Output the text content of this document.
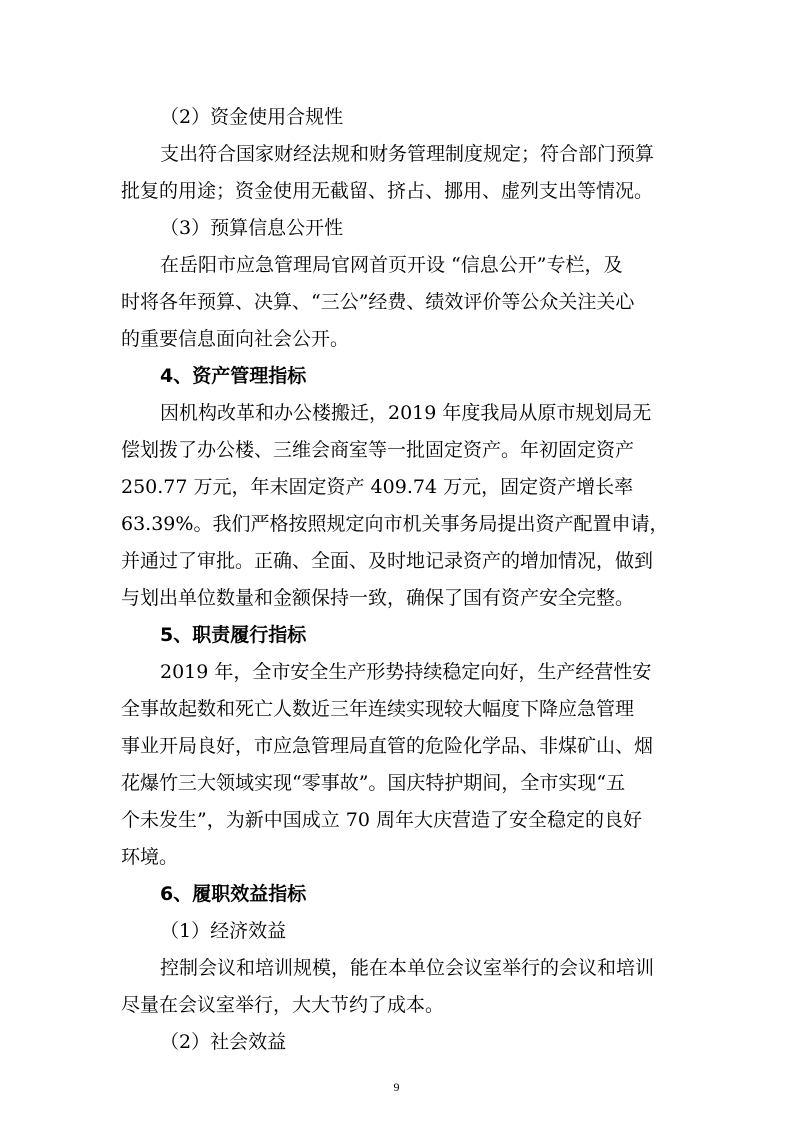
（2）资金使用合规性
支出符合国家财经法规和财务管理制度规定；符合部门预算
批复的用途；资金使用无截留、挤占、挪用、虚列支出等情况。
（3）预算信息公开性
在岳阳市应急管理局官网首页开设 “信息公开”专栏，及
时将各年预算、决算、“三公”经费、绩效评价等公众关注关心
的重要信息面向社会公开。
4、资产管理指标
因机构改革和办公楼搬迁，2019 年度我局从原市规划局无
偿划拨了办公楼、三维会商室等一批固定资产。年初固定资产
250.77 万元，年末固定资产 409.74 万元，固定资产增长率
63.39%。我们严格按照规定向市机关事务局提出资产配置申请，
并通过了审批。正确、全面、及时地记录资产的增加情况，做到
与划出单位数量和金额保持一致，确保了国有资产安全完整。
5、职责履行指标
2019 年，全市安全生产形势持续稳定向好，生产经营性安
全事故起数和死亡人数近三年连续实现较大幅度下降应急管理
事业开局良好，市应急管理局直管的危险化学品、非煤矿山、烟
花爆竹三大领域实现“零事故”。国庆特护期间，全市实现“五
个未发生”，为新中国成立 70 周年大庆营造了安全稳定的良好
环境。
6、履职效益指标
（1）经济效益
控制会议和培训规模，能在本单位会议室举行的会议和培训
尽量在会议室举行，大大节约了成本。
（2）社会效益
9
